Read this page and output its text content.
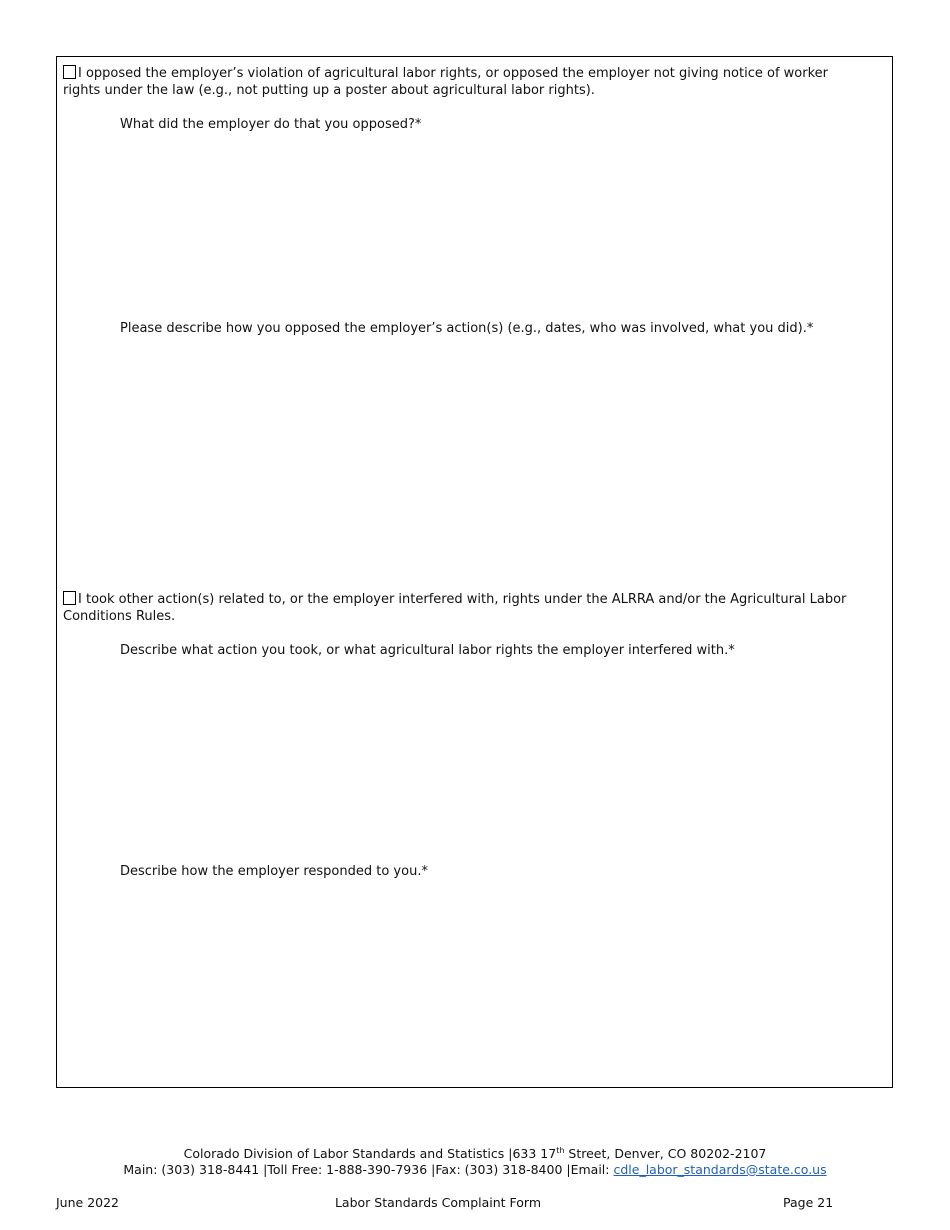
I opposed the employer’s violation of agricultural labor rights, or opposed the employer not giving notice of worker rights under the law (e.g., not putting up a poster about agricultural labor rights).
What did the employer do that you opposed?*
Please describe how you opposed the employer’s action(s) (e.g., dates, who was involved, what you did).*
I took other action(s) related to, or the employer interfered with, rights under the ALRRA and/or the Agricultural Labor Conditions Rules.
Describe what action you took, or what agricultural labor rights the employer interfered with.*
Describe how the employer responded to you.*
Colorado Division of Labor Standards and Statistics |633 17th Street, Denver, CO 80202-2107
Main: (303) 318-8441 |Toll Free: 1-888-390-7936 |Fax: (303) 318-8400 |Email: cdle_labor_standards@state.co.us
June 2022	Labor Standards Complaint Form	Page 21
